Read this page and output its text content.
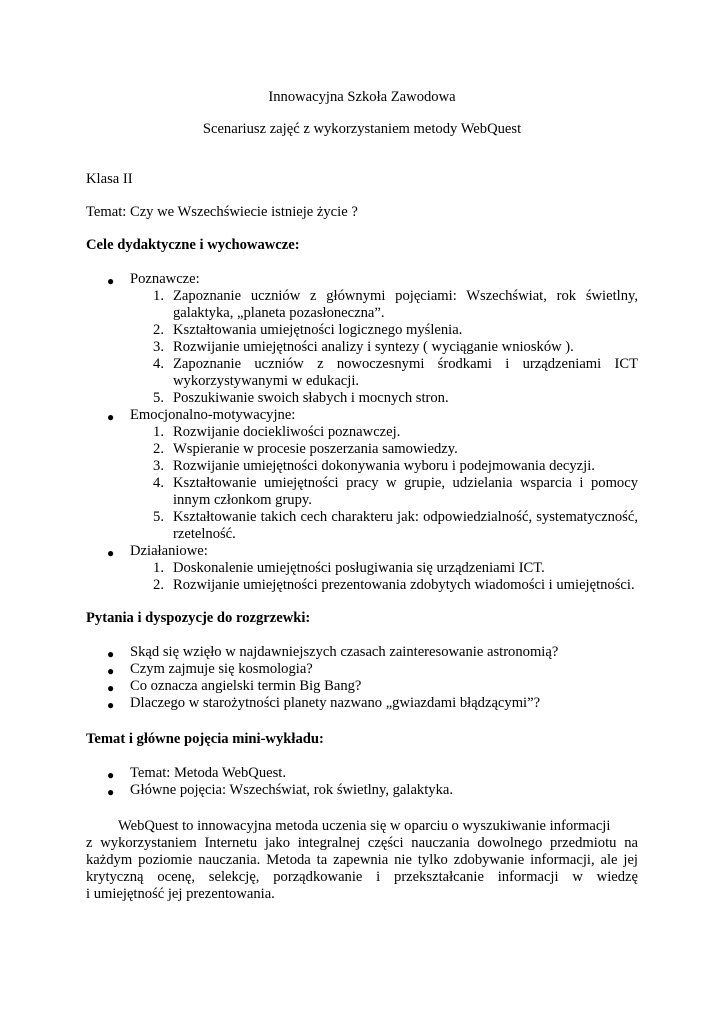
Innowacyjna Szkoła Zawodowa
Scenariusz zajęć z wykorzystaniem metody WebQuest
Klasa II
Temat: Czy we Wszechświecie istnieje życie ?
Cele dydaktyczne i wychowawcze:
● Poznawcze:
1. Zapoznanie uczniów z głównymi pojęciami: Wszechświat, rok świetlny,
galaktyka, „planeta pozasłoneczna”.
2. Kształtowania umiejętności logicznego myślenia.
3. Rozwijanie umiejętności analizy i syntezy ( wyciąganie wniosków ).
4. Zapoznanie uczniów z nowoczesnymi środkami i urządzeniami ICT
wykorzystywanymi w edukacji.
5. Poszukiwanie swoich słabych i mocnych stron.
● Emocjonalno-motywacyjne:
1. Rozwijanie dociekliwości poznawczej.
2. Wspieranie w procesie poszerzania samowiedzy.
3. Rozwijanie umiejętności dokonywania wyboru i podejmowania decyzji.
4. Kształtowanie umiejętności pracy w grupie, udzielania wsparcia i pomocy
innym członkom grupy.
5. Kształtowanie takich cech charakteru jak: odpowiedzialność, systematyczność,
rzetelność.
● Działaniowe:
1. Doskonalenie umiejętności posługiwania się urządzeniami ICT.
2. Rozwijanie umiejętności prezentowania zdobytych wiadomości i umiejętności.
Pytania i dyspozycje do rozgrzewki:
● Skąd się wzięło w najdawniejszych czasach zainteresowanie astronomią?
● Czym zajmuje się kosmologia?
● Co oznacza angielski termin Big Bang?
● Dlaczego w starożytności planety nazwano „gwiazdami błądzącymi”?
Temat i główne pojęcia mini-wykładu:
● Temat: Metoda WebQuest.
● Główne pojęcia: Wszechświat, rok świetlny, galaktyka.
WebQuest to innowacyjna metoda uczenia się w oparciu o wyszukiwanie informacji
z wykorzystaniem Internetu jako integralnej części nauczania dowolnego przedmiotu na
każdym poziomie nauczania. Metoda ta zapewnia nie tylko zdobywanie informacji, ale jej
krytyczną ocenę, selekcję, porządkowanie i przekształcanie informacji w wiedzę
i umiejętność jej prezentowania.
